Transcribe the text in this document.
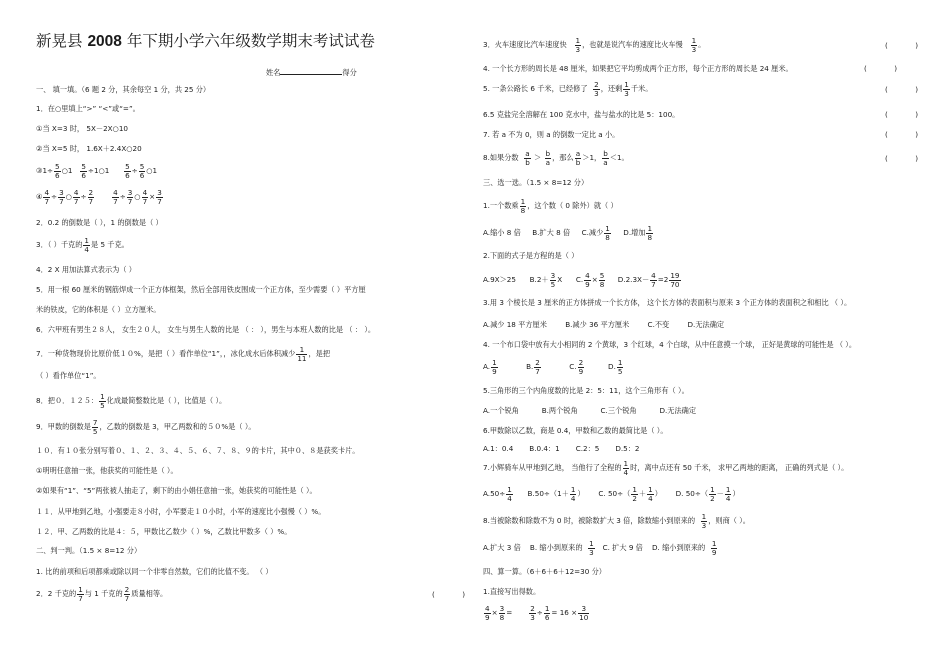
新晃县 2008 年下期小学六年级数学期末考试试卷
姓名	得分
一、 填一填。（6 题 2 分，其余每空 1 分，共 25 分）
1．在○里填上“>” “<”或“=”。
①当 X=3 时， 5X－2X○10
②当 X=5 时， 1.6X＋2.4X○20
③1÷ $\frac{5}{6}$ ○1 $\frac{5}{6}$ ÷1○1 $\frac{5}{6} \div \frac{5}{6}$ ○1
④ $\frac{4}{7} \div \frac{3}{7}$ ○ $\frac{4}{7} \div \frac{2}{7}$
	$\frac{4}{7} \div \frac{3}{7}$ ○ $\frac{4}{7} \times \frac{3}{7}$
2．0.2 的倒数是（ ），1 的倒数是（ ）
3．（ ）千克的 $\frac{1}{4}$ 是 5 千克。
4．2 X 用加法算式表示为（ ）
5．用一根 60 厘米的钢筋焊成一个正方体框架，然后全部用铁皮围成一个正方体，至少需要（ ）平方厘
米的铁皮，它的体积是（ ）立方厘米。
6．六甲班有男生２８人， 女生２０人， 女生与男生人数的比是 （ ： ），男生与本班人数的比是 （ ： ）。
7．一种货物现价比原价低１０%，是把（ ）看作单位“1”，，冰化成水后体积减少 $\frac{1}{11}$ ，是把
（ ）看作单位“1”。
8．把０．１２５： $\frac{1}{5}$ 化成最简整数比是（ ），比值是（ ）。
9．甲数的倒数是 $\frac{7}{5}$ ，乙数的倒数是 3，甲乙两数和的５０%是（ ）。
１０．有１０张分别写着０、１、２、３、４、５、６、７、８、９的卡片，其中０、８是获奖卡片。
①明明任意抽一张，他获奖的可能性是（ ）。
②如果有“1”、“5”两张被人抽走了，剩下的由小娟任意抽一张，她获奖的可能性是（ ）。
１１．从甲地到乙地，小强要走８小时，小军要走１０小时，小军的速度比小强慢（ ）%。
１２．甲、乙两数的比是４：５，甲数比乙数少（ ）%，乙数比甲数多（ ）%。
二、判一判。（1.5 × 8=12 分）
1. 比的前项和后项都乘或除以同一个非零自然数，它们的比值不变。 （ ）
2．2 千克的 $\frac{1}{7}$ 与 1 千克的 $\frac{2}{7}$ 质量相等。	(            )
3．火车速度比汽车速度快 $\frac{1}{3}$ ，也就是说汽车的速度比火车慢 $\frac{1}{3}$ 。	(            )
4. 一个长方形的周长是 48 厘米，如果把它平均剪成两个正方形，每个正方形的周长是 24 厘米。	(            )
5. 一条公路长 6 千米，已经修了 $\frac{2}{3}$ ，还剩 $\frac{1}{3}$ 千米。	(            )
6.5 克盐完全溶解在 100 克水中，盐与盐水的比是 5：100。	(            )
7. 若 a 不为 0，则 a 的倒数一定比 a 小。	(            )
8.如果分数 $\frac{a}{b} > \frac{b}{a}$ ，那么 $\frac{a}{b} >1$， $\frac{b}{a} <1$。	(            )
三、选一选。（1.5 × 8=12 分）
1.一个数乘 $\frac{1}{8}$ ，这个数（ 0 除外）就（ ）
A.缩小 8 倍 B.扩大 8 倍 C.减少 $\frac{1}{8} D$.增加 $\frac{1}{8}$
2.下面的式子是方程的是（ ）
A.9X＞25 $B.2+ \frac{3}{5}$ X C. $\frac{4}{9} \times \frac{5}{8} D.2.3X- \frac{4}{7} =2 \frac{19}{70}$
3.用 3 个棱长是 3 厘米的正方体拼成一个长方体， 这个长方体的表面积与原来 3 个正方体的表面积之和相比 （ ）。
A.减少 18 平方厘米	B.减少 36 平方厘米	C.不变	D.无法确定
4. 一个布口袋中放有大小相同的 2 个黄球，3 个红球，4 个白球，从中任意摸一个球， 正好是黄球的可能性是 （ ）。
A. $\frac{1}{9}$	B. $\frac{2}{7}$	C. $\frac{2}{9}$	D. $\frac{1}{5}$
5.三角形的三个内角度数的比是 2：5：11，这个三角形有（ ）。
A.一个锐角	B.两个锐角	C.三个锐角	D.无法确定
6.甲数除以乙数，商是 0.4，甲数和乙数的最简比是（ ）。
A.1：0.4 B.0.4：1 C.2：5 D.5：2
7.小辉骑车从甲地到乙地， 当他行了全程的 $\frac{1}{4}$ 时，离中点还有 50 千米， 求甲乙两地的距离， 正确的列式是（ ）。
$A.50\div \frac{1}{4} B.50\div(1+ \frac{1}{4}$ ） C. $50\div( \frac{1}{2} + \frac{1}{4}$ ） D. $50\div( \frac{1}{2} - \frac{1}{4}$ ）
8.当被除数和除数不为 0 时，被除数扩大 3 倍，除数缩小到原来的 $\frac{1}{3}$ ，则商（ ）。
A.扩大 3 倍 B. 缩小到原来的 $\frac{1}{3} C$. 扩大 9 倍 D. 缩小到原来的 $\frac{1}{9}$
四、算一算。（6＋6＋6＋12=30 分）
1.直接写出得数。
$\frac{4}{9} \times \frac{3}{8} = \frac{2}{3} \div \frac{1}{6} = 16 \times \frac{3}{10}$
